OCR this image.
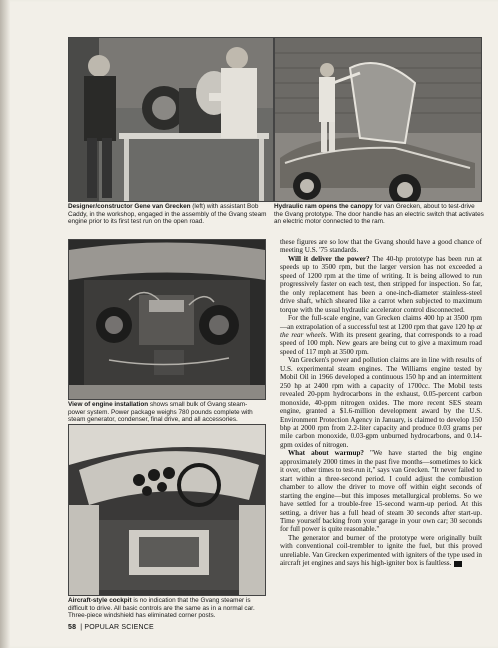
Designer/constructor Gene van Grecken (left) with assistant Bob Caddy, in the workshop, engaged in the assembly of the Gvang steam engine prior to its first test run on the open road.
Hydraulic ram opens the canopy for van Grecken, about to test-drive the Gvang prototype. The door handle has an electric switch that activates an electric motor connected to the ram.
View of engine installation shows small bulk of Gvang steam-power system. Power package weighs 780 pounds complete with steam generator, condenser, final drive, and all accessories.
Aircraft-style cockpit is no indication that the Gvang steamer is difficult to drive. All basic controls are the same as in a normal car. Three-piece windshield has eliminated corner posts.

these figures are so low that the Gvang should have a good chance of meeting U.S. '75 standards.

Will it deliver the power? The 40-hp prototype has been run at speeds up to 3500 rpm, but the larger version has not exceeded a speed of 1200 rpm at the time of writing. It is being allowed to run progressively faster on each test, then stripped for inspection. So far, the only replacement has been a one-inch-diameter stainless-steel drive shaft, which sheared like a carrot when subjected to maximum torque with the usual hydraulic accelerator control disconnected.

For the full-scale engine, van Grecken claims 400 hp at 3500 rpm—an extrapolation of a successful test at 1200 rpm that gave 120 hp at the rear wheels. With its present gearing, that corresponds to a road speed of 100 mph. New gears are being cut to give a maximum road speed of 117 mph at 3500 rpm.

Van Grecken's power and pollution claims are in line with results of U.S. experimental steam engines. The Williams engine tested by Mobil Oil in 1966 developed a continuous 150 hp and an intermittent 250 hp at 2400 rpm with a capacity of 1700cc. The Mobil tests revealed 20-ppm hydrocarbons in the exhaust, 0.05-percent carbon monoxide, 40-ppm nitrogen oxides. The more recent SES steam engine, granted a $1.6-million development award by the U.S. Environment Protection Agency in January, is claimed to develop 150 bhp at 2000 rpm from 2.2-liter capacity and produce 0.03 grams per mile carbon monoxide, 0.03-gpm unburned hydrocarbons, and 0.14-gpm oxides of nitrogen.

What about warmup? "We have started the big engine approximately 2000 times in the past five months—sometimes to kick it over, other times to test-run it," says van Grecken. "It never failed to start within a three-second period. I could adjust the combustion chamber to allow the driver to move off within eight seconds of starting the engine—but this imposes metallurgical problems. So we have settled for a trouble-free 15-second warm-up period. At this setting, a driver has a full head of steam 30 seconds after start-up. Time yourself backing from your garage in your own car; 30 seconds for full power is quite reasonable."

The generator and burner of the prototype were originally built with conventional coil-trembler to ignite the fuel, but this proved unreliable. Van Grecken experimented with igniters of the type used in aircraft jet engines and says his high-igniter box is faultless.

58 | POPULAR SCIENCE
